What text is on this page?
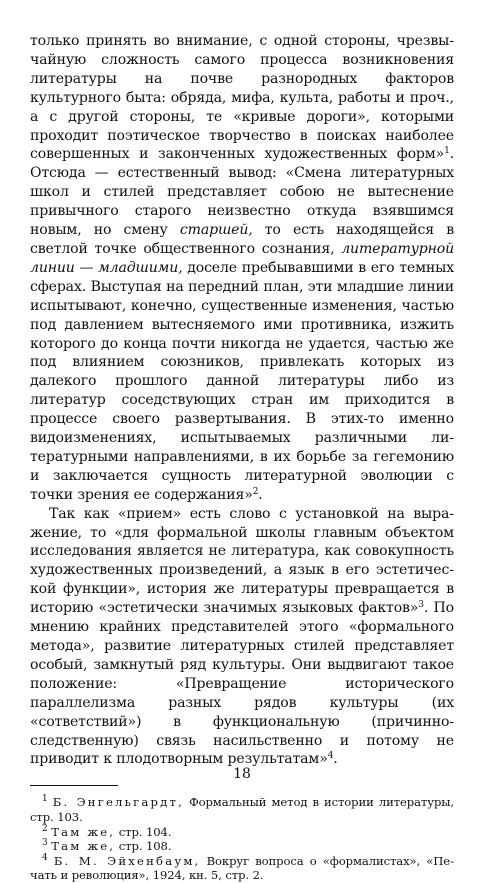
только принять во внимание, с одной стороны, чрезвычайную сложность самого процесса возникновения литературы на почве разнородных факторов культурного быта: обряда, мифа, культа, работы и проч., а с другой стороны, те «кривые дороги», которыми проходит поэтическое творчество в поисках наиболее совершенных и законченных художественных форм»$^1$. Отсюда — естественный вывод: «Смена литературных школ и стилей представляет собою не вытеснение привычного старого неизвестно откуда взявшимся новым, но смену старшей, то есть находящейся в светлой точке общественного сознания, литературной линии — младшими, доселе пребывавшими в его темных сферах. Выступая на передний план, эти младшие линии испытывают, конечно, существенные изменения, частью под давлением вытесняемого ими противника, изжить которого до конца почти никогда не удается, частью же под влиянием союзников, привлекать которых из далекого прошлого данной литературы либо из литератур соседствующих стран им приходится в процессе своего развертывания. В этих-то именно видоизменениях, испытываемых различными литературными направлениями, в их борьбе за гегемонию и заключается сущность литературной эволюции с точки зрения ее содержания»$^2$.

Так как «прием» есть слово с установкой на выражение, то «для формальной школы главным объектом исследования является не литература, как совокупность художественных произведений, а язык в его эстетической функции», история же литературы превращается в историю «эстетически значимых языковых фактов»$^3$. По мнению крайних представителей этого «формального метода», развитие литературных стилей представляет особый, замкнутый ряд культуры. Они выдвигают такое положение: «Превращение исторического параллелизма разных рядов культуры (их «сответствий») в функциональную (причинно-следственную) связь насильственно и потому не приводит к плодотворным результатам»$^4$.

$^1$ Б. Энгельгардт, Формальный метод в истории литературы, стр. 103.

$^2$ Там же, стр. 104.

$^3$ Там же, стр. 108.

$^4$ Б. М. Эйхенбаум, Вокруг вопроса о «формалистах», «Печать и революция», 1924, кн. 5, стр. 2.

18
